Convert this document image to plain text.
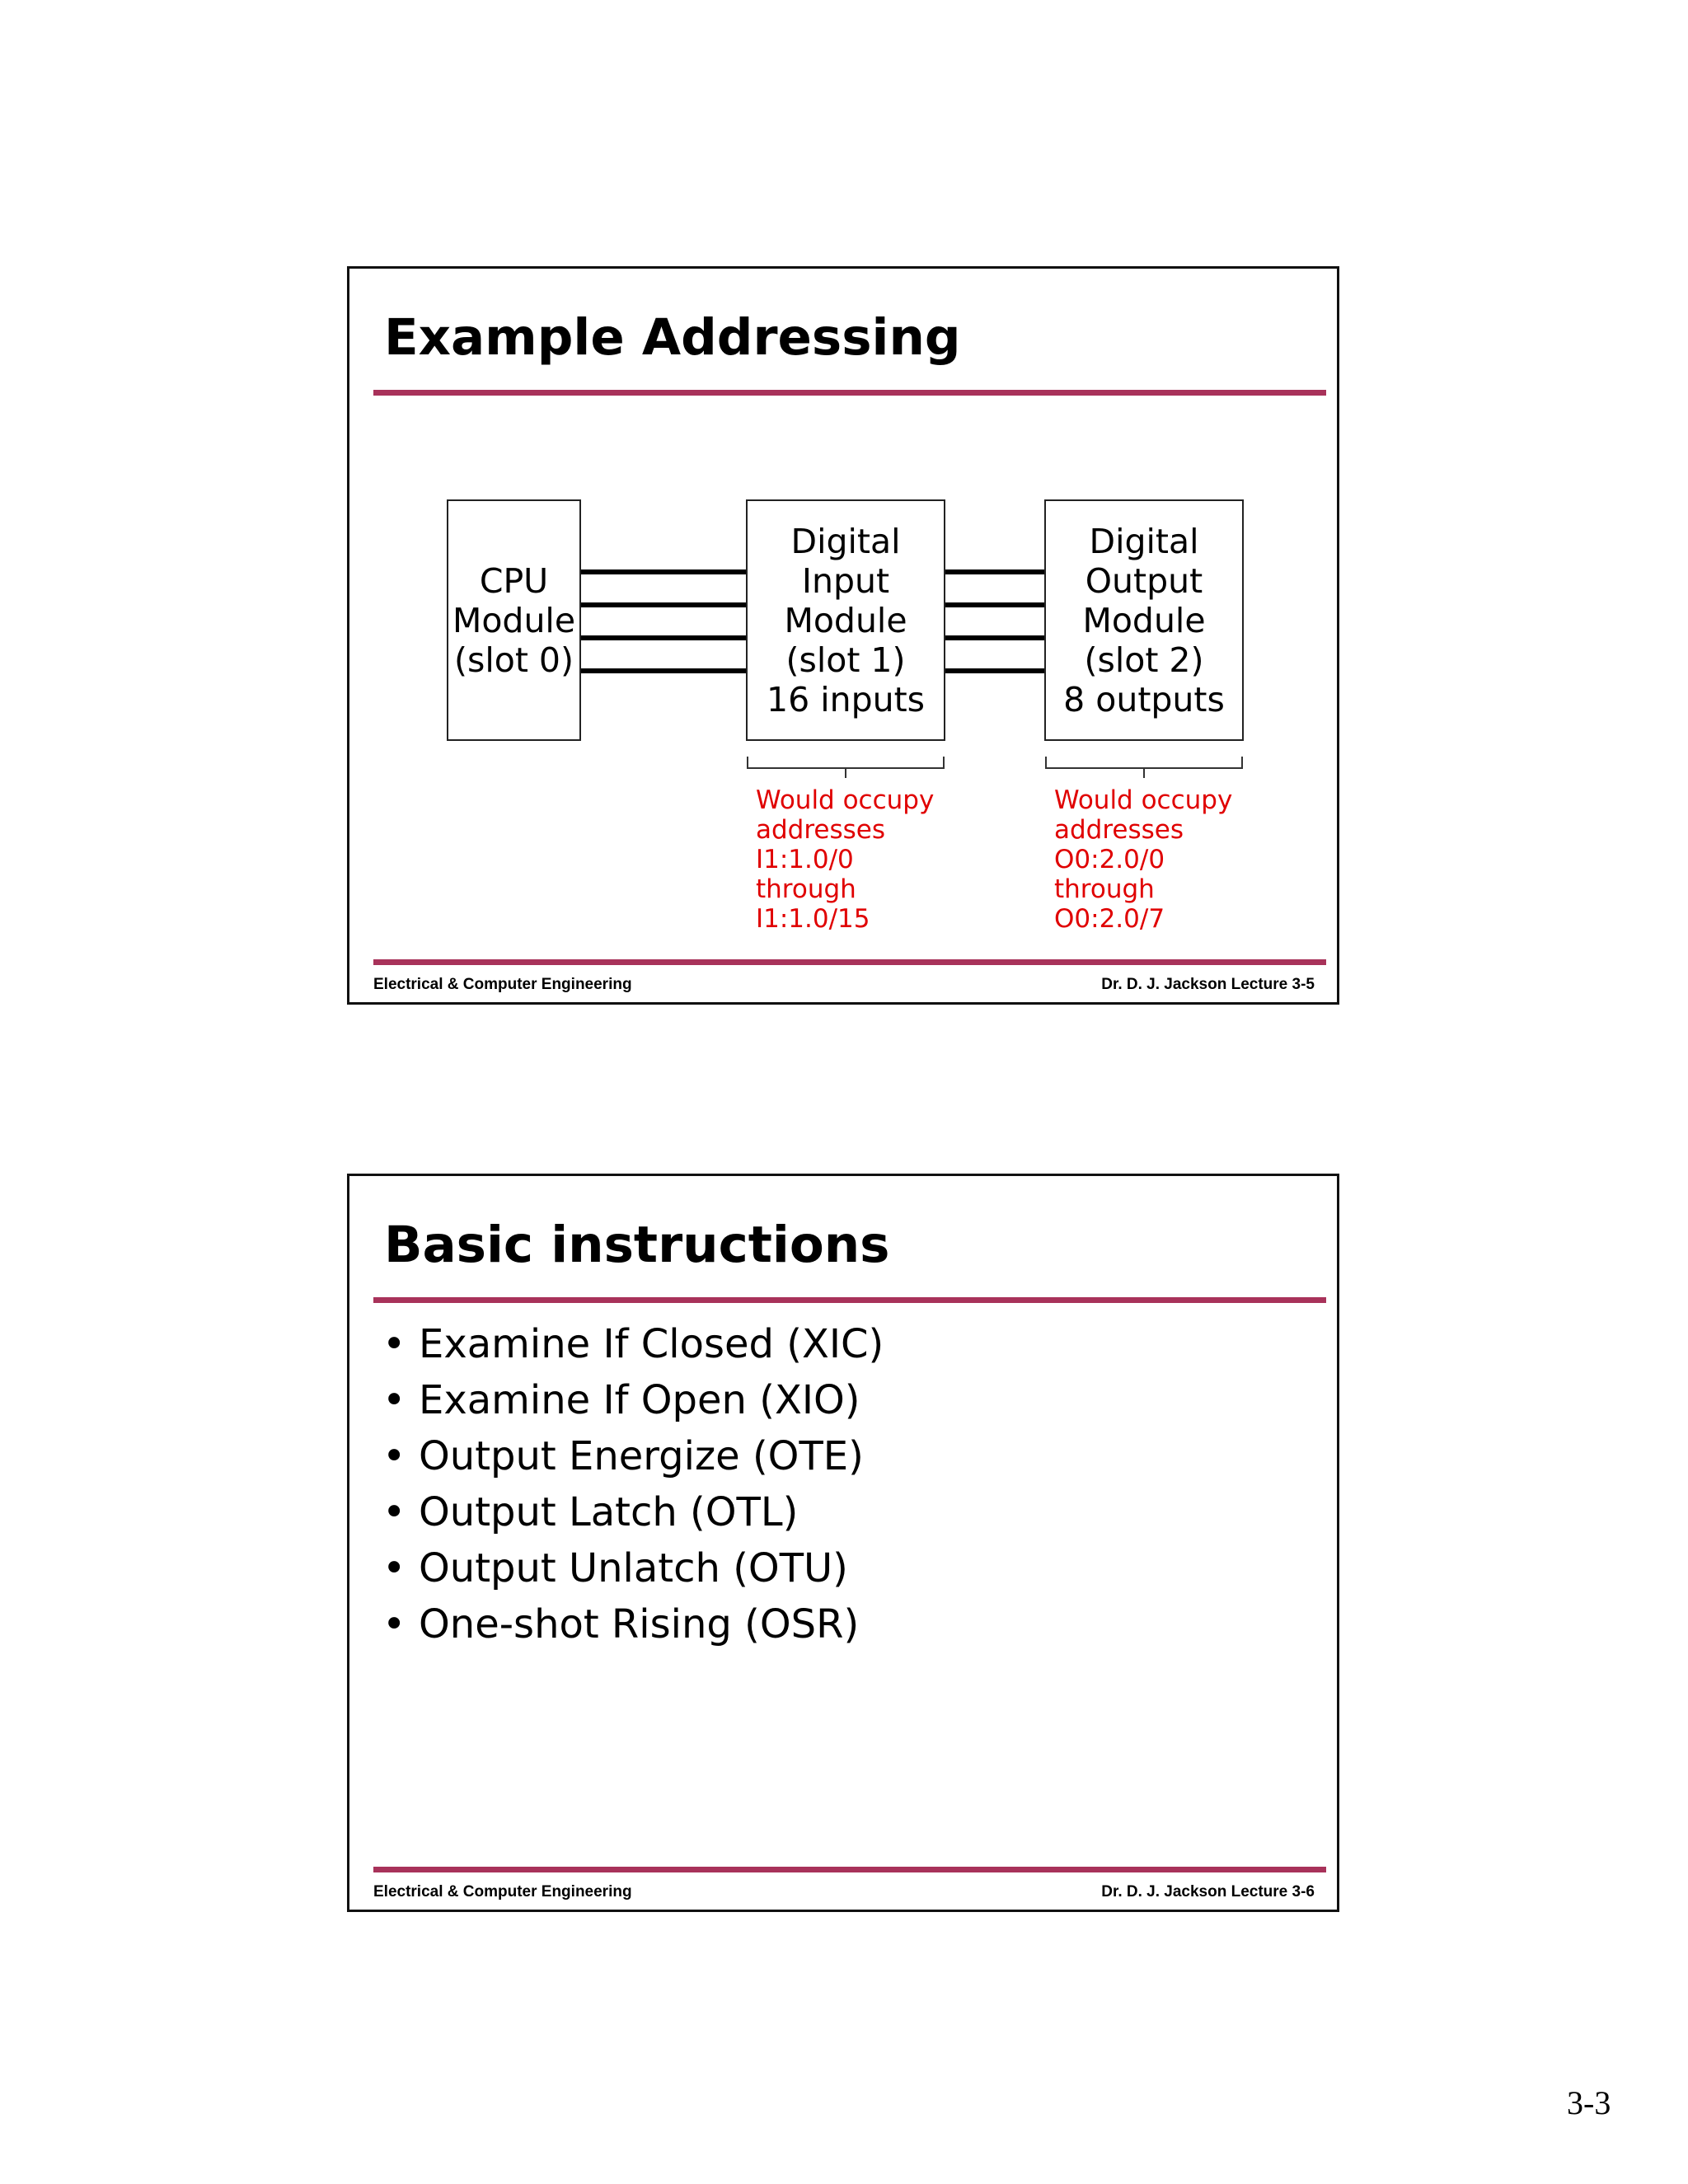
Example Addressing
CPU
Module
(slot 0)
Digital
Input
Module
(slot 1)
16 inputs
Digital
Output
Module
(slot 2)
8 outputs
Would occupy
addresses
I1:1.0/0
through
I1:1.0/15
Would occupy
addresses
O0:2.0/0
through
O0:2.0/7
Electrical & Computer Engineering	Dr. D. J. Jackson Lecture 3-5
Basic instructions
• Examine If Closed (XIC)
• Examine If Open (XIO)
• Output Energize (OTE)
• Output Latch (OTL)
• Output Unlatch (OTU)
• One-shot Rising (OSR)
Electrical & Computer Engineering	Dr. D. J. Jackson Lecture 3-6
3-3
